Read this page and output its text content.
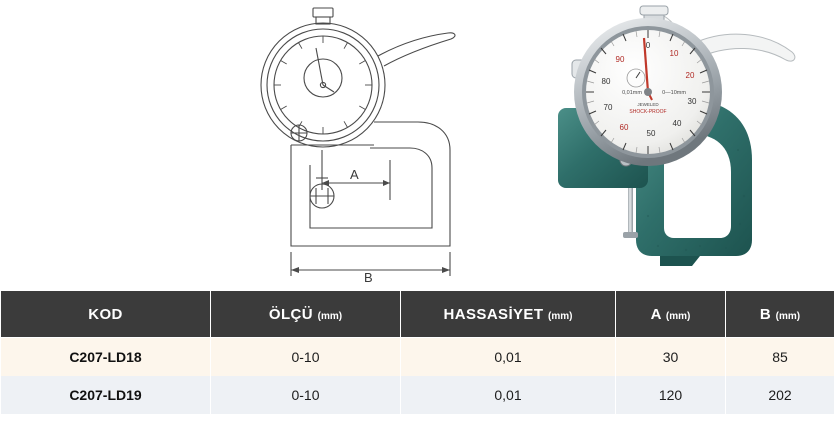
A
B
0
10
20
30
40
50
60
70
80
90
0,01mm	0—10mm
JEWELED
SHOCK-PROOF
KOD	ÖLÇÜ (mm)	HASSASİYET (mm)	A (mm)	B (mm)
C207-LD18	0-10	0,01	30	85
C207-LD19	0-10	0,01	120	202
